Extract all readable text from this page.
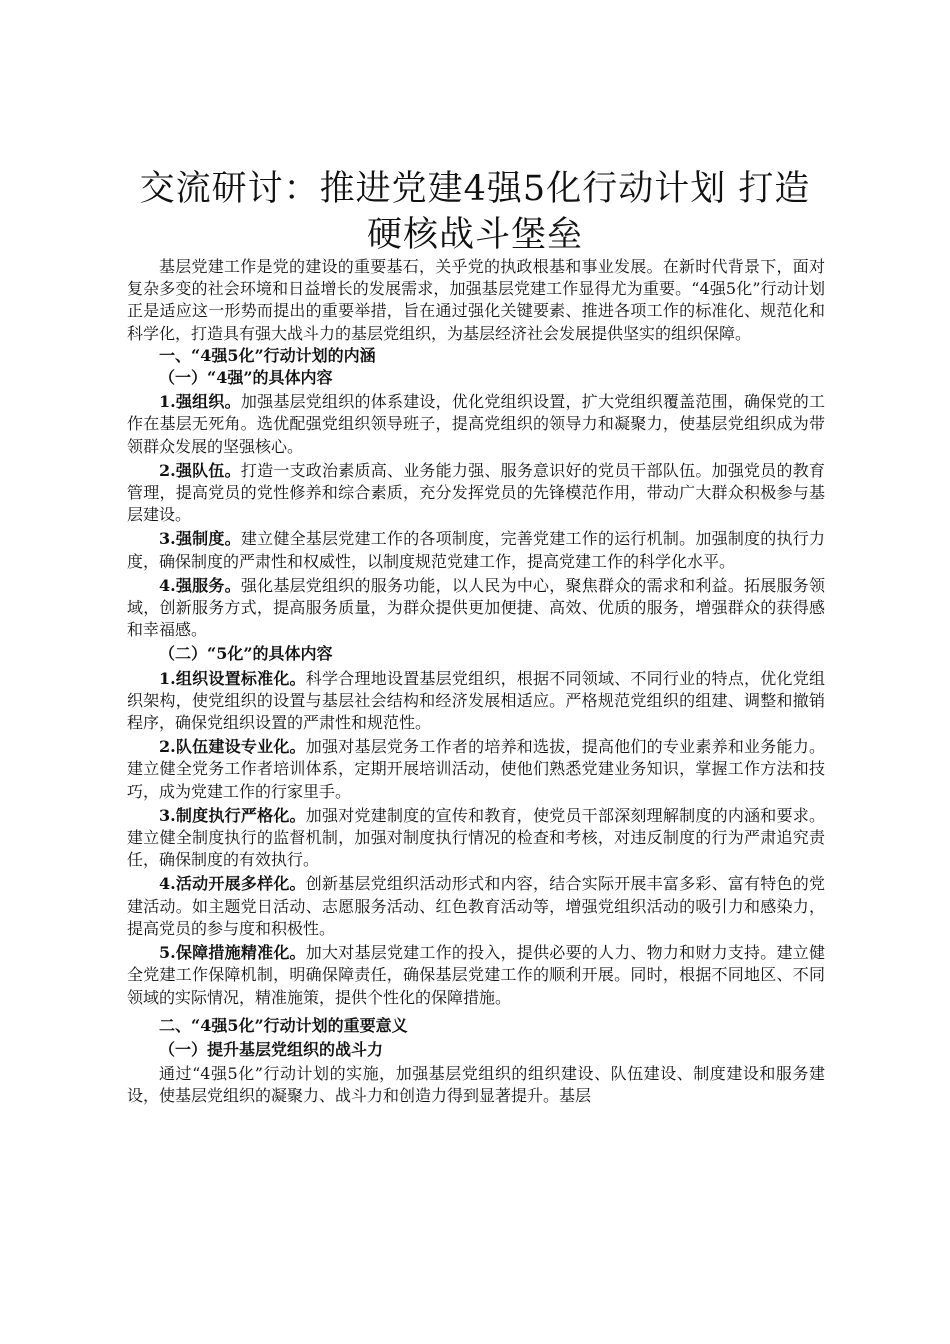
交流研讨：推进党建4强5化行动计划 打造
硬核战斗堡垒

基层党建工作是党的建设的重要基石，关乎党的执政根基和事业发展。在新时代背景下，面对复杂多变的社会环境和日益增长的发展需求，加强基层党建工作显得尤为重要。“4强5化”行动计划正是适应这一形势而提出的重要举措，旨在通过强化关键要素、推进各项工作的标准化、规范化和科学化，打造具有强大战斗力的基层党组织，为基层经济社会发展提供坚实的组织保障。

一、“4强5化”行动计划的内涵
（一）“4强”的具体内容

1.强组织。加强基层党组织的体系建设，优化党组织设置，扩大党组织覆盖范围，确保党的工作在基层无死角。选优配强党组织领导班子，提高党组织的领导力和凝聚力，使基层党组织成为带领群众发展的坚强核心。

2.强队伍。打造一支政治素质高、业务能力强、服务意识好的党员干部队伍。加强党员的教育管理，提高党员的党性修养和综合素质，充分发挥党员的先锋模范作用，带动广大群众积极参与基层建设。

3.强制度。建立健全基层党建工作的各项制度，完善党建工作的运行机制。加强制度的执行力度，确保制度的严肃性和权威性，以制度规范党建工作，提高党建工作的科学化水平。

4.强服务。强化基层党组织的服务功能，以人民为中心，聚焦群众的需求和利益。拓展服务领域，创新服务方式，提高服务质量，为群众提供更加便捷、高效、优质的服务，增强群众的获得感和幸福感。

（二）“5化”的具体内容

1.组织设置标准化。科学合理地设置基层党组织，根据不同领域、不同行业的特点，优化党组织架构，使党组织的设置与基层社会结构和经济发展相适应。严格规范党组织的组建、调整和撤销程序，确保党组织设置的严肃性和规范性。

2.队伍建设专业化。加强对基层党务工作者的培养和选拔，提高他们的专业素养和业务能力。建立健全党务工作者培训体系，定期开展培训活动，使他们熟悉党建业务知识，掌握工作方法和技巧，成为党建工作的行家里手。

3.制度执行严格化。加强对党建制度的宣传和教育，使党员干部深刻理解制度的内涵和要求。建立健全制度执行的监督机制，加强对制度执行情况的检查和考核，对违反制度的行为严肃追究责任，确保制度的有效执行。

4.活动开展多样化。创新基层党组织活动形式和内容，结合实际开展丰富多彩、富有特色的党建活动。如主题党日活动、志愿服务活动、红色教育活动等，增强党组织活动的吸引力和感染力，提高党员的参与度和积极性。

5.保障措施精准化。加大对基层党建工作的投入，提供必要的人力、物力和财力支持。建立健全党建工作保障机制，明确保障责任，确保基层党建工作的顺利开展。同时，根据不同地区、不同领域的实际情况，精准施策，提供个性化的保障措施。

二、“4强5化”行动计划的重要意义
（一）提升基层党组织的战斗力

通过“4强5化”行动计划的实施，加强基层党组织的组织建设、队伍建设、制度建设和服务建设，使基层党组织的凝聚力、战斗力和创造力得到显著提升。基层
